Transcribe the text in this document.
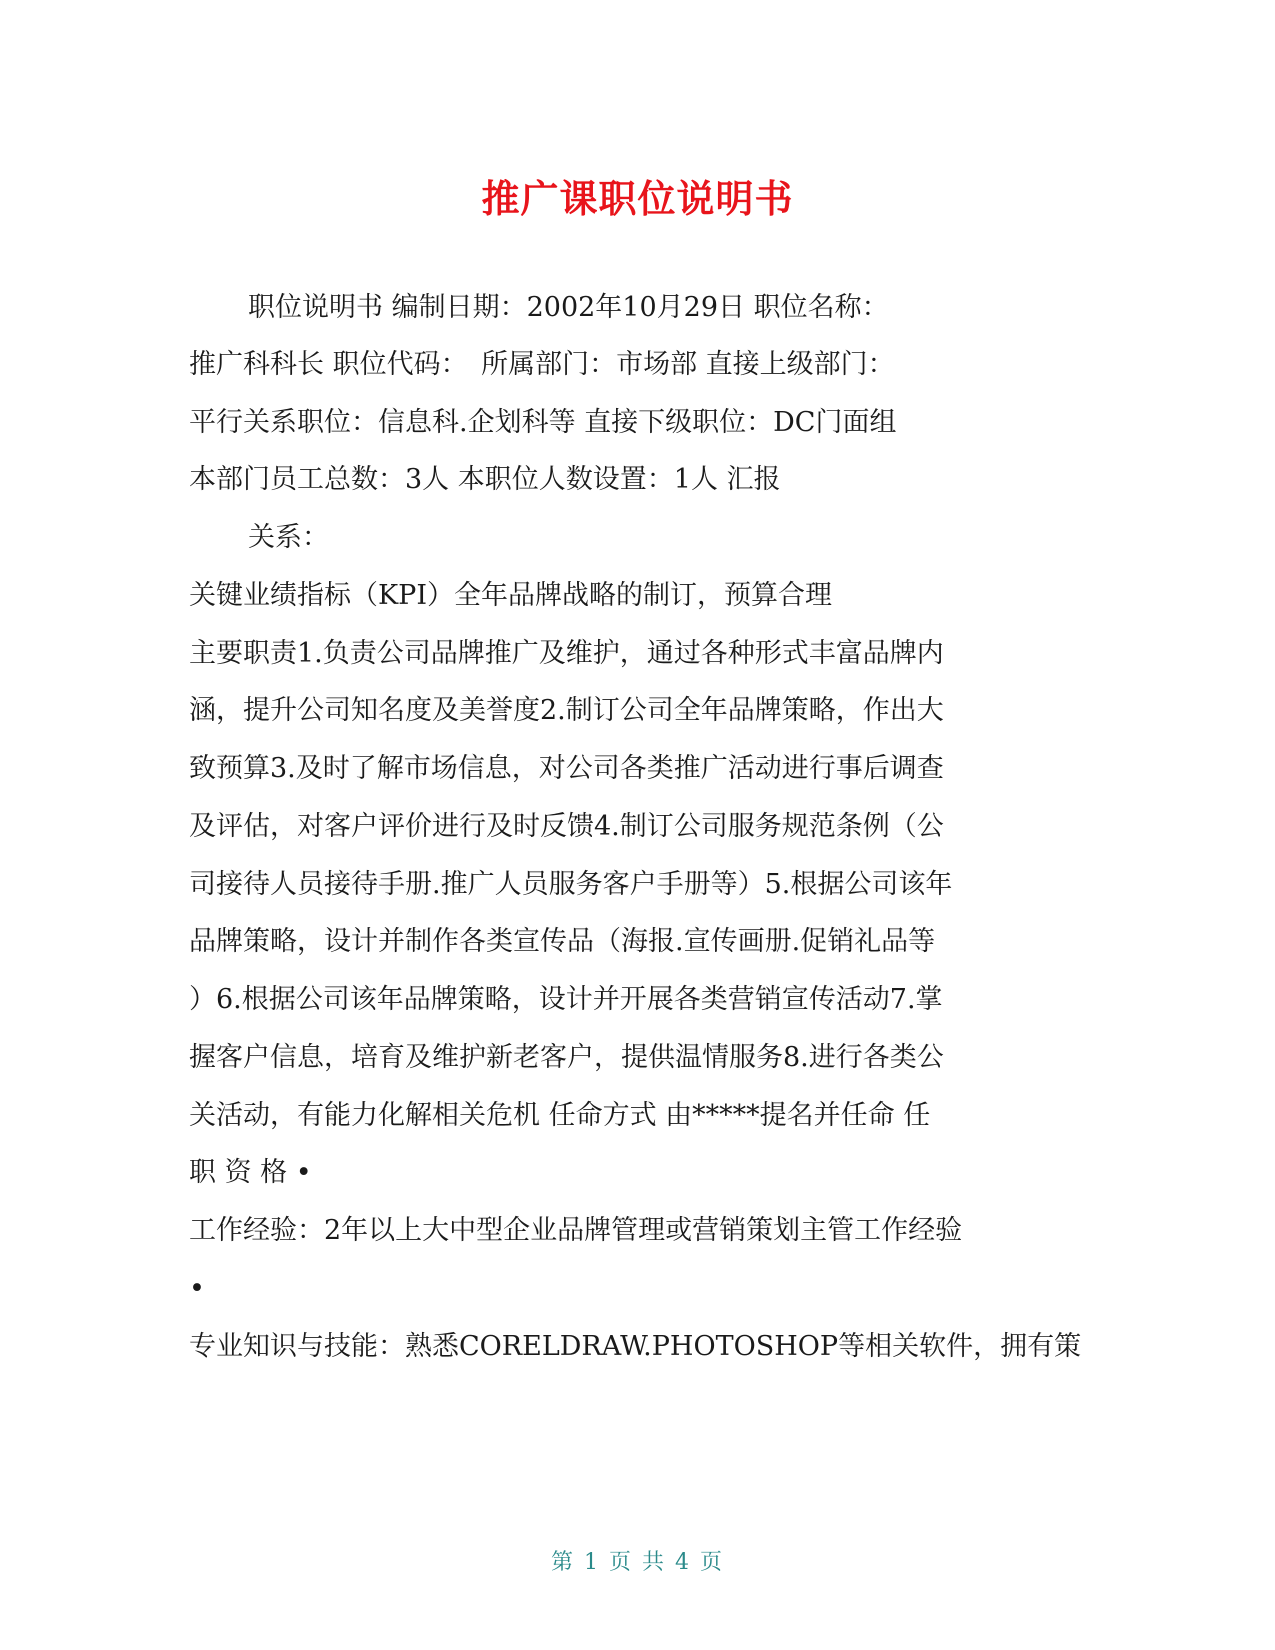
推广课职位说明书
职位说明书 编制日期：2002年10月29日 职位名称：
推广科科长 职位代码：　所属部门：市场部 直接上级部门：
平行关系职位：信息科.企划科等 直接下级职位：DC门面组
本部门员工总数：3人 本职位人数设置：1人 汇报
关系：
关键业绩指标（KPI）全年品牌战略的制订，预算合理
主要职责1.负责公司品牌推广及维护，通过各种形式丰富品牌内
涵，提升公司知名度及美誉度2.制订公司全年品牌策略，作出大
致预算3.及时了解市场信息，对公司各类推广活动进行事后调查
及评估，对客户评价进行及时反馈4.制订公司服务规范条例（公
司接待人员接待手册.推广人员服务客户手册等）5.根据公司该年
品牌策略，设计并制作各类宣传品（海报.宣传画册.促销礼品等
）6.根据公司该年品牌策略，设计并开展各类营销宣传活动7.掌
握客户信息，培育及维护新老客户，提供温情服务8.进行各类公
关活动，有能力化解相关危机 任命方式 由*****提名并任命 任
职 资 格 •
工作经验：2年以上大中型企业品牌管理或营销策划主管工作经验
•
专业知识与技能：熟悉CORELDRAW.PHOTOSHOP等相关软件，拥有策
第 1 页 共 4 页
